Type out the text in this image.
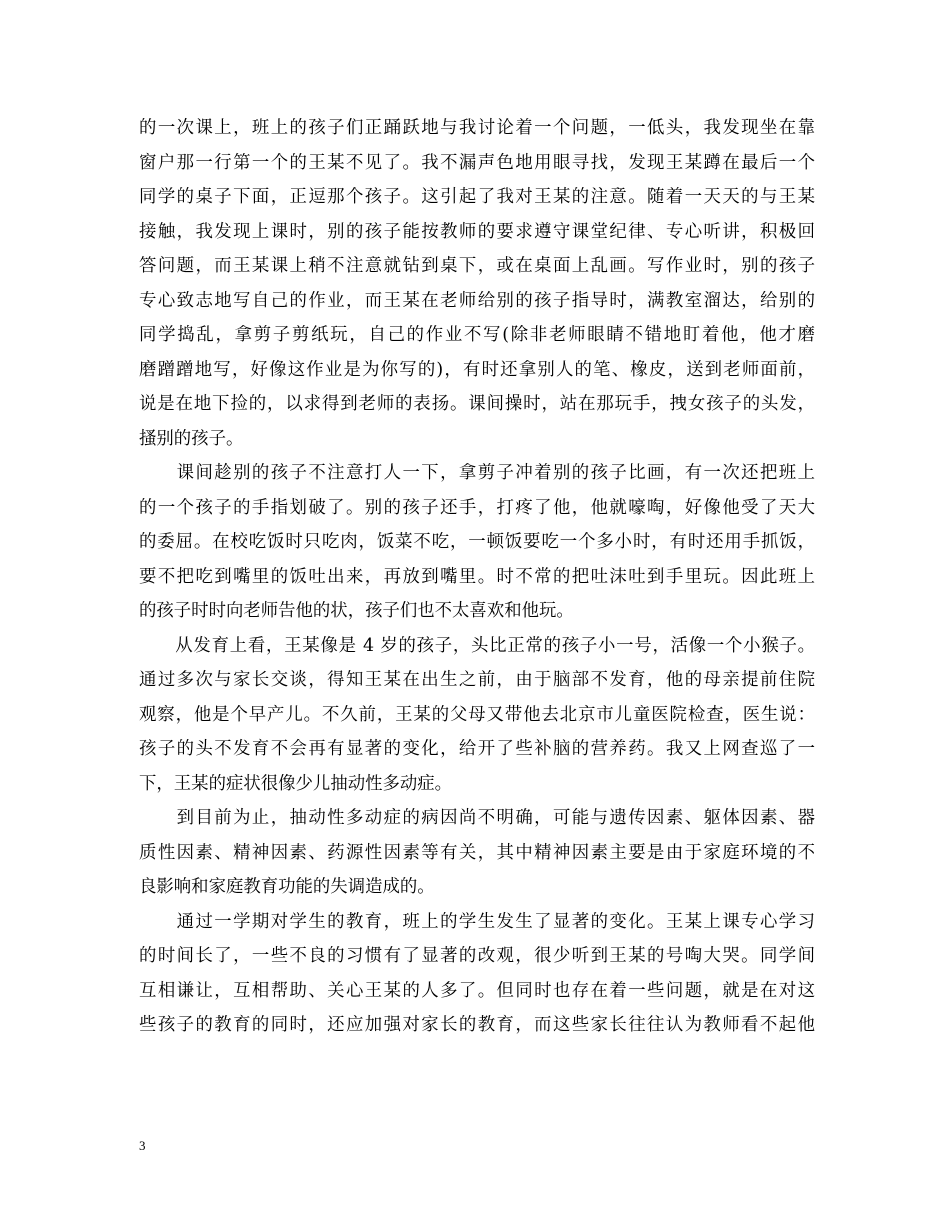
的一次课上，班上的孩子们正踊跃地与我讨论着一个问题，一低头，我发现坐在靠
窗户那一行第一个的王某不见了。我不漏声色地用眼寻找，发现王某蹲在最后一个
同学的桌子下面，正逗那个孩子。这引起了我对王某的注意。随着一天天的与王某
接触，我发现上课时，别的孩子能按教师的要求遵守课堂纪律、专心听讲，积极回
答问题，而王某课上稍不注意就钻到桌下，或在桌面上乱画。写作业时，别的孩子
专心致志地写自己的作业，而王某在老师给别的孩子指导时，满教室溜达，给别的
同学捣乱，拿剪子剪纸玩，自己的作业不写(除非老师眼睛不错地盯着他，他才磨
磨蹭蹭地写，好像这作业是为你写的)，有时还拿别人的笔、橡皮，送到老师面前，
说是在地下捡的，以求得到老师的表扬。课间操时，站在那玩手，拽女孩子的头发，
搔别的孩子。
　　课间趁别的孩子不注意打人一下，拿剪子冲着别的孩子比画，有一次还把班上
的一个孩子的手指划破了。别的孩子还手，打疼了他，他就嚎啕，好像他受了天大
的委屈。在校吃饭时只吃肉，饭菜不吃，一顿饭要吃一个多小时，有时还用手抓饭，
要不把吃到嘴里的饭吐出来，再放到嘴里。时不常的把吐沫吐到手里玩。因此班上
的孩子时时向老师告他的状，孩子们也不太喜欢和他玩。
　　从发育上看，王某像是 4 岁的孩子，头比正常的孩子小一号，活像一个小猴子。
通过多次与家长交谈，得知王某在出生之前，由于脑部不发育，他的母亲提前住院
观察，他是个早产儿。不久前，王某的父母又带他去北京市儿童医院检查，医生说：
孩子的头不发育不会再有显著的变化，给开了些补脑的营养药。我又上网查巡了一
下，王某的症状很像少儿抽动性多动症。
　　到目前为止，抽动性多动症的病因尚不明确，可能与遗传因素、躯体因素、器
质性因素、精神因素、药源性因素等有关，其中精神因素主要是由于家庭环境的不
良影响和家庭教育功能的失调造成的。
　　通过一学期对学生的教育，班上的学生发生了显著的变化。王某上课专心学习
的时间长了，一些不良的习惯有了显著的改观，很少听到王某的号啕大哭。同学间
互相谦让，互相帮助、关心王某的人多了。但同时也存在着一些问题，就是在对这
些孩子的教育的同时，还应加强对家长的教育，而这些家长往往认为教师看不起他
3
